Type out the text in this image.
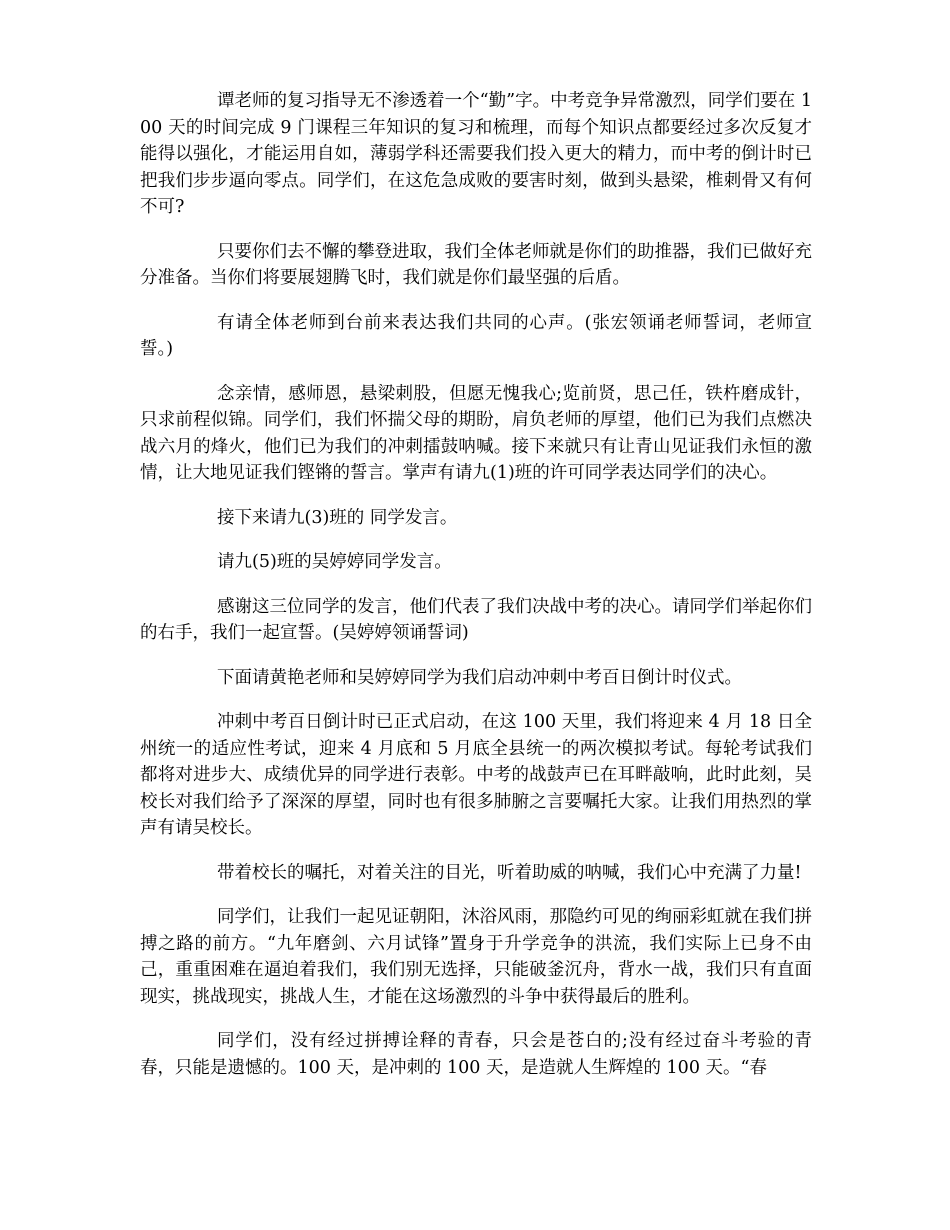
谭老师的复习指导无不渗透着一个“勤”字。中考竞争异常激烈，同学们要在 100 天的时间完成 9 门课程三年知识的复习和梳理，而每个知识点都要经过多次反复才能得以强化，才能运用自如，薄弱学科还需要我们投入更大的精力，而中考的倒计时已把我们步步逼向零点。同学们，在这危急成败的要害时刻，做到头悬梁，椎刺骨又有何不可?

只要你们去不懈的攀登进取，我们全体老师就是你们的助推器，我们已做好充分准备。当你们将要展翅腾飞时，我们就是你们最坚强的后盾。

有请全体老师到台前来表达我们共同的心声。(张宏领诵老师誓词，老师宣誓。)

念亲情，感师恩，悬梁刺股，但愿无愧我心;览前贤，思己任，铁杵磨成针，只求前程似锦。同学们，我们怀揣父母的期盼，肩负老师的厚望，他们已为我们点燃决战六月的烽火，他们已为我们的冲刺擂鼓呐喊。接下来就只有让青山见证我们永恒的激情，让大地见证我们铿锵的誓言。掌声有请九(1)班的许可同学表达同学们的决心。

接下来请九(3)班的 同学发言。

请九(5)班的吴婷婷同学发言。

感谢这三位同学的发言，他们代表了我们决战中考的决心。请同学们举起你们的右手，我们一起宣誓。(吴婷婷领诵誓词)

下面请黄艳老师和吴婷婷同学为我们启动冲刺中考百日倒计时仪式。

冲刺中考百日倒计时已正式启动，在这 100 天里，我们将迎来 4 月 18 日全州统一的适应性考试，迎来 4 月底和 5 月底全县统一的两次模拟考试。每轮考试我们都将对进步大、成绩优异的同学进行表彰。中考的战鼓声已在耳畔敲响，此时此刻，吴校长对我们给予了深深的厚望，同时也有很多肺腑之言要嘱托大家。让我们用热烈的掌声有请吴校长。

带着校长的嘱托，对着关注的目光，听着助威的呐喊，我们心中充满了力量!

同学们，让我们一起见证朝阳，沐浴风雨，那隐约可见的绚丽彩虹就在我们拼搏之路的前方。“九年磨剑、六月试锋”置身于升学竞争的洪流，我们实际上已身不由己，重重困难在逼迫着我们，我们别无选择，只能破釜沉舟，背水一战，我们只有直面现实，挑战现实，挑战人生，才能在这场激烈的斗争中获得最后的胜利。

同学们，没有经过拼搏诠释的青春，只会是苍白的;没有经过奋斗考验的青春，只能是遗憾的。100 天，是冲刺的 100 天，是造就人生辉煌的 100 天。“春
